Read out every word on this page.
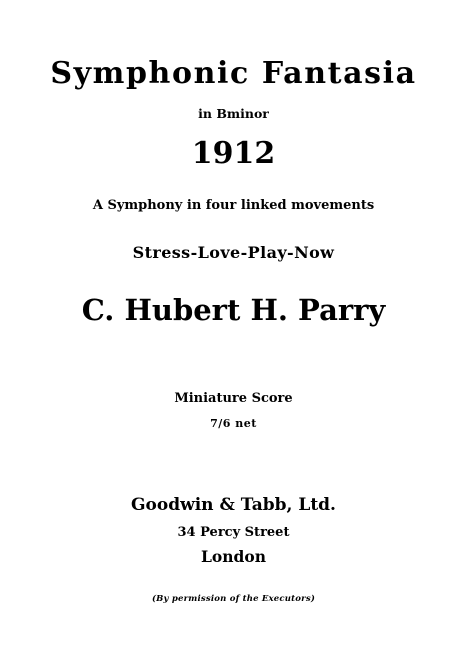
Symphonic Fantasia
in Bminor
1912
A Symphony in four linked movements
Stress-Love-Play-Now
C. Hubert H. Parry
Miniature Score
7/6 net
Goodwin & Tabb, Ltd.
34 Percy Street
London
(By permission of the Executors)
